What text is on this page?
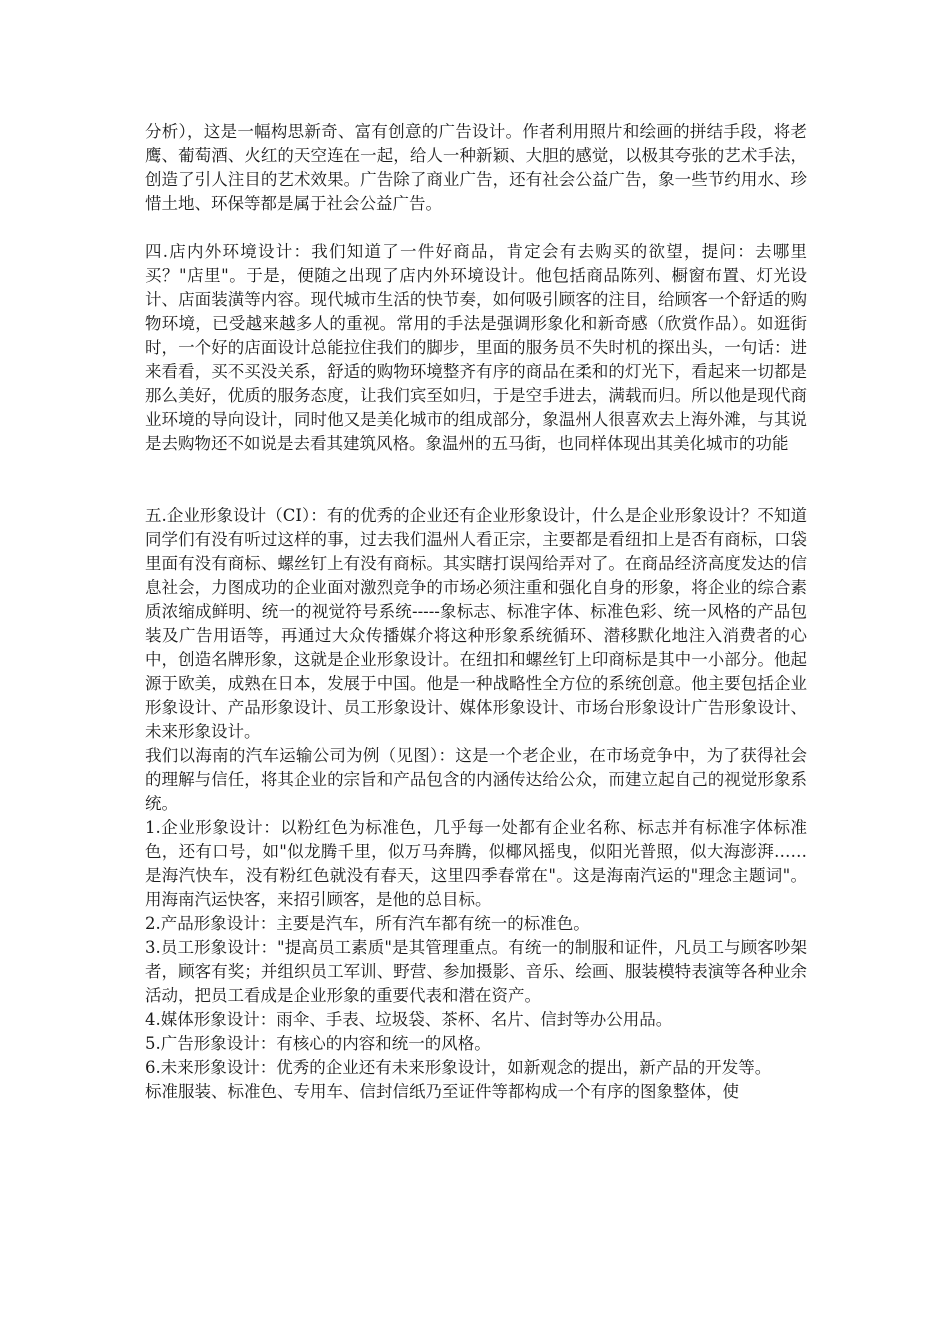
分析），这是一幅构思新奇、富有创意的广告设计。作者利用照片和绘画的拼结手段，将老鹰、葡萄酒、火红的天空连在一起，给人一种新颖、大胆的感觉，以极其夸张的艺术手法，创造了引人注目的艺术效果。广告除了商业广告，还有社会公益广告，象一些节约用水、珍惜土地、环保等都是属于社会公益广告。

四.店内外环境设计：我们知道了一件好商品，肯定会有去购买的欲望，提问：去哪里买？"店里"。于是，便随之出现了店内外环境设计。他包括商品陈列、橱窗布置、灯光设计、店面装潢等内容。现代城市生活的快节奏，如何吸引顾客的注目，给顾客一个舒适的购物环境，已受越来越多人的重视。常用的手法是强调形象化和新奇感（欣赏作品）。如逛街时，一个好的店面设计总能拉住我们的脚步，里面的服务员不失时机的探出头，一句话：进来看看，买不买没关系，舒适的购物环境整齐有序的商品在柔和的灯光下，看起来一切都是那么美好，优质的服务态度，让我们宾至如归，于是空手进去，满载而归。所以他是现代商业环境的导向设计，同时他又是美化城市的组成部分，象温州人很喜欢去上海外滩，与其说是去购物还不如说是去看其建筑风格。象温州的五马街，也同样体现出其美化城市的功能

五.企业形象设计（CI）：有的优秀的企业还有企业形象设计，什么是企业形象设计？不知道同学们有没有听过这样的事，过去我们温州人看正宗，主要都是看纽扣上是否有商标，口袋里面有没有商标、螺丝钉上有没有商标。其实瞎打误闯给弄对了。在商品经济高度发达的信息社会，力图成功的企业面对激烈竞争的市场必须注重和强化自身的形象，将企业的综合素质浓缩成鲜明、统一的视觉符号系统-----象标志、标准字体、标准色彩、统一风格的产品包装及广告用语等，再通过大众传播媒介将这种形象系统循环、潜移默化地注入消费者的心中，创造名牌形象，这就是企业形象设计。在纽扣和螺丝钉上印商标是其中一小部分。他起源于欧美，成熟在日本，发展于中国。他是一种战略性全方位的系统创意。他主要包括企业形象设计、产品形象设计、员工形象设计、媒体形象设计、市场台形象设计广告形象设计、未来形象设计。

我们以海南的汽车运输公司为例（见图）：这是一个老企业，在市场竞争中，为了获得社会的理解与信任，将其企业的宗旨和产品包含的内涵传达给公众，而建立起自己的视觉形象系统。

1.企业形象设计：以粉红色为标准色，几乎每一处都有企业名称、标志并有标准字体标准色，还有口号，如"似龙腾千里，似万马奔腾，似椰风摇曳，似阳光普照，似大海澎湃……是海汽快车，没有粉红色就没有春天，这里四季春常在"。这是海南汽运的"理念主题词"。用海南汽运快客，来招引顾客，是他的总目标。

2.产品形象设计：主要是汽车，所有汽车都有统一的标准色。

3.员工形象设计："提高员工素质"是其管理重点。有统一的制服和证件，凡员工与顾客吵架者，顾客有奖；并组织员工军训、野营、参加摄影、音乐、绘画、服装模特表演等各种业余活动，把员工看成是企业形象的重要代表和潜在资产。

4.媒体形象设计：雨伞、手表、垃圾袋、茶杯、名片、信封等办公用品。

5.广告形象设计：有核心的内容和统一的风格。

6.未来形象设计：优秀的企业还有未来形象设计，如新观念的提出，新产品的开发等。

标准服装、标准色、专用车、信封信纸乃至证件等都构成一个有序的图象整体，使
